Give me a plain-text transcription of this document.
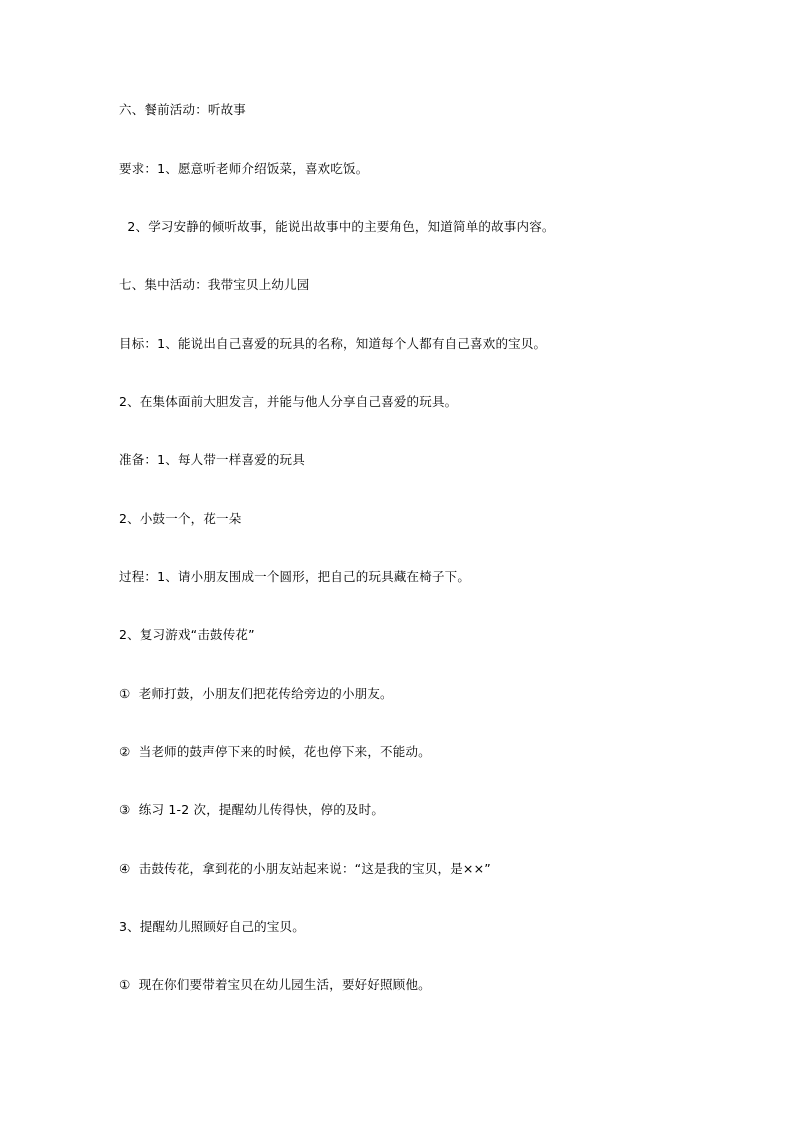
六、餐前活动：听故事
要求：1、愿意听老师介绍饭菜，喜欢吃饭。
2、学习安静的倾听故事，能说出故事中的主要角色，知道简单的故事内容。
七、集中活动：我带宝贝上幼儿园
目标：1、能说出自己喜爱的玩具的名称，知道每个人都有自己喜欢的宝贝。
2、在集体面前大胆发言，并能与他人分享自己喜爱的玩具。
准备：1、每人带一样喜爱的玩具
2、小鼓一个，花一朵
过程：1、请小朋友围成一个圆形，把自己的玩具藏在椅子下。
2、复习游戏“击鼓传花”
①  老师打鼓，小朋友们把花传给旁边的小朋友。
②  当老师的鼓声停下来的时候，花也停下来，不能动。
③  练习 1-2 次，提醒幼儿传得快，停的及时。
④  击鼓传花，拿到花的小朋友站起来说：“这是我的宝贝，是××”
3、提醒幼儿照顾好自己的宝贝。
①  现在你们要带着宝贝在幼儿园生活，要好好照顾他。
